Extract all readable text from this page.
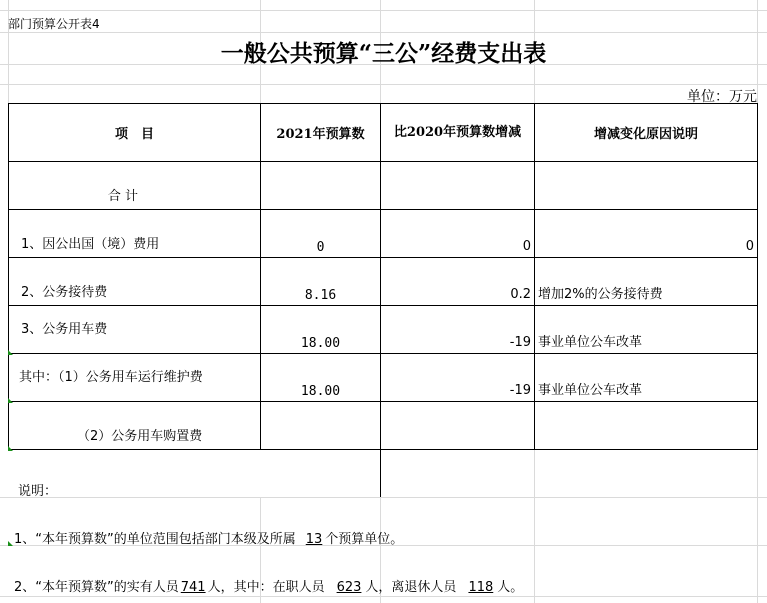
部门预算公开表4
一般公共预算“三公”经费支出表
单位：万元
项　目	2021年预算数	比2020年预算数增减	增减变化原因说明
合 计			
1、因公出国（境）费用	0	0	0
2、公务接待费	8.16	0.2	增加2%的公务接待费
3、公务用车费	18.00	-19	事业单位公车改革
其中：（1）公务用车运行维护费	18.00	-19	事业单位公车改革
（2）公务用车购置费			
说明：
1、“本年预算数”的单位范围包括部门本级及所属 13 个预算单位。
2、“本年预算数”的实有人员 741 人，其中：在职人员 623 人，离退休人员 118 人。
